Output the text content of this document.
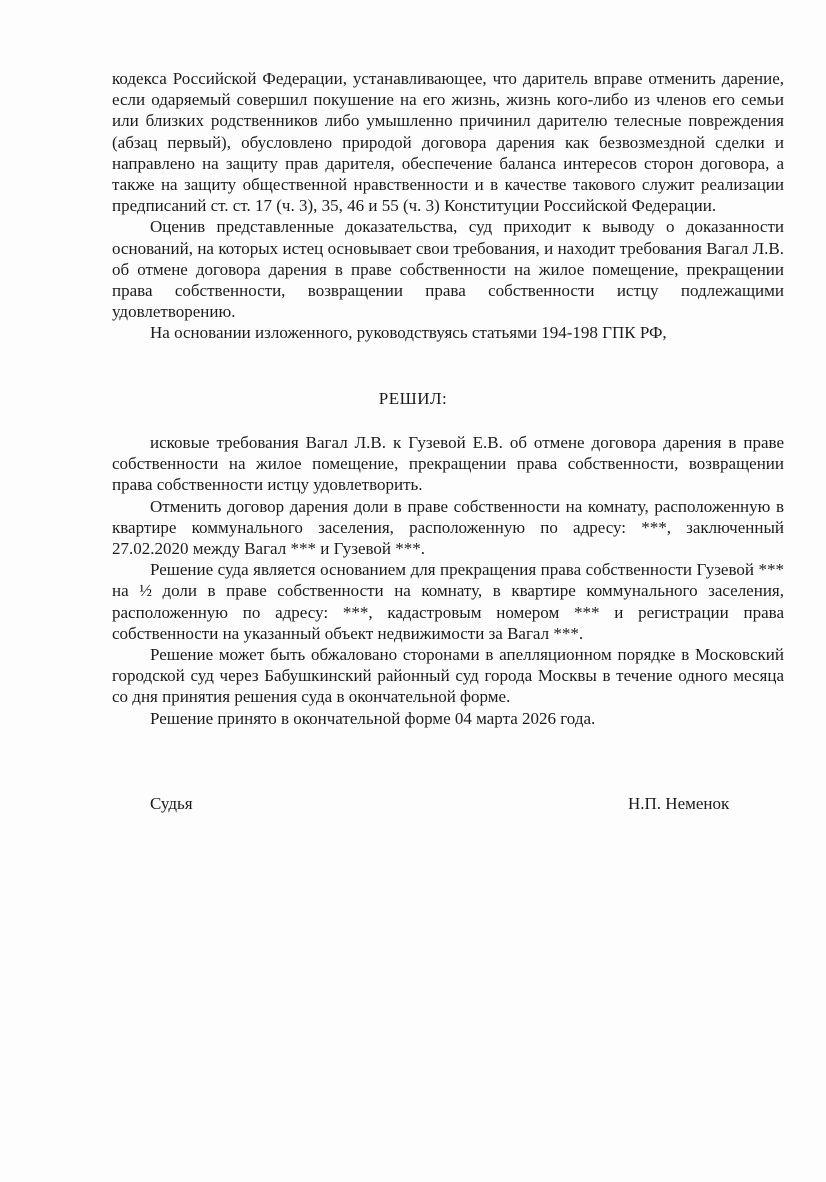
кодекса Российской Федерации, устанавливающее, что даритель вправе отменить дарение, если одаряемый совершил покушение на его жизнь, жизнь кого-либо из членов его семьи или близких родственников либо умышленно причинил дарителю телесные повреждения (абзац первый), обусловлено природой договора дарения как безвозмездной сделки и направлено на защиту прав дарителя, обеспечение баланса интересов сторон договора, а также на защиту общественной нравственности и в качестве такового служит реализации предписаний ст. ст. 17 (ч. 3), 35, 46 и 55 (ч. 3) Конституции Российской Федерации.

Оценив представленные доказательства, суд приходит к выводу о доказанности оснований, на которых истец основывает свои требования, и находит требования Вагал Л.В. об отмене договора дарения в праве собственности на жилое помещение, прекращении права собственности, возвращении права собственности истцу подлежащими удовлетворению.

На основании изложенного, руководствуясь статьями 194-198 ГПК РФ,

РЕШИЛ:

исковые требования Вагал Л.В. к Гузевой Е.В. об отмене договора дарения в праве собственности на жилое помещение, прекращении права собственности, возвращении права собственности истцу удовлетворить.

Отменить договор дарения доли в праве собственности на комнату, расположенную в квартире коммунального заселения, расположенную по адресу: ***, заключенный 27.02.2020 между Вагал *** и Гузевой ***.

Решение суда является основанием для прекращения права собственности Гузевой *** на ½ доли в праве собственности на комнату, в квартире коммунального заселения, расположенную по адресу: ***, кадастровым номером *** и регистрации права собственности на указанный объект недвижимости за Вагал ***.

Решение может быть обжаловано сторонами в апелляционном порядке в Московский городской суд через Бабушкинский районный суд города Москвы в течение одного месяца со дня принятия решения суда в окончательной форме.

Решение принято в окончательной форме 04 марта 2026 года.

Судья	Н.П. Неменок
